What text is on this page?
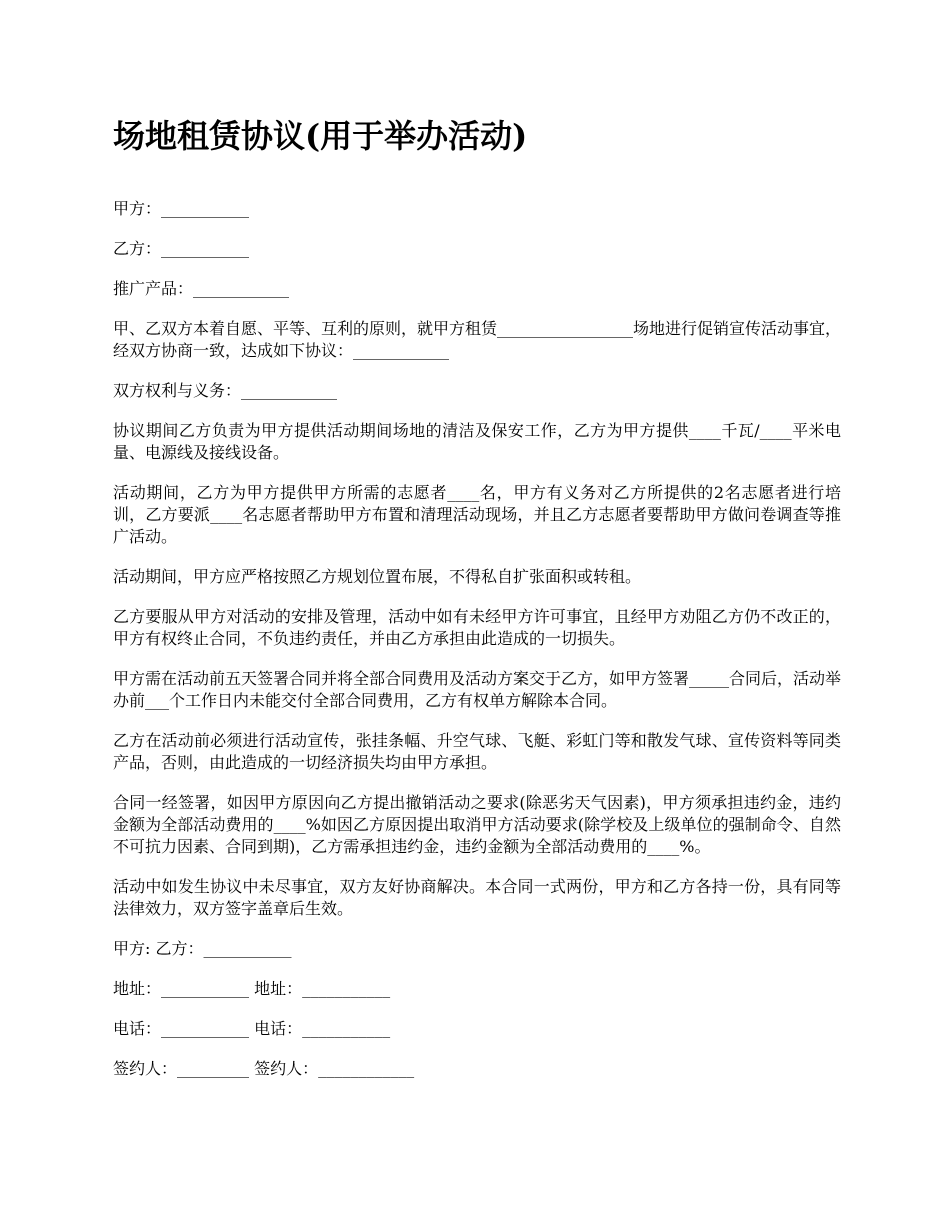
场地租赁协议(用于举办活动)

甲方：___________

乙方：___________

推广产品：____________

甲、乙双方本着自愿、平等、互利的原则，就甲方租赁_________________场地进行促销宣传活动事宜，经双方协商一致，达成如下协议：____________

双方权利与义务：____________

协议期间乙方负责为甲方提供活动期间场地的清洁及保安工作，乙方为甲方提供____千瓦/____平米电量、电源线及接线设备。

活动期间，乙方为甲方提供甲方所需的志愿者____名，甲方有义务对乙方所提供的2名志愿者进行培训，乙方要派____名志愿者帮助甲方布置和清理活动现场，并且乙方志愿者要帮助甲方做问卷调查等推广活动。

活动期间，甲方应严格按照乙方规划位置布展，不得私自扩张面积或转租。

乙方要服从甲方对活动的安排及管理，活动中如有未经甲方许可事宜，且经甲方劝阻乙方仍不改正的，甲方有权终止合同，不负违约责任，并由乙方承担由此造成的一切损失。

甲方需在活动前五天签署合同并将全部合同费用及活动方案交于乙方，如甲方签署_____合同后，活动举办前___个工作日内未能交付全部合同费用，乙方有权单方解除本合同。

乙方在活动前必须进行活动宣传，张挂条幅、升空气球、飞艇、彩虹门等和散发气球、宣传资料等同类产品，否则，由此造成的一切经济损失均由甲方承担。

合同一经签署，如因甲方原因向乙方提出撤销活动之要求(除恶劣天气因素)，甲方须承担违约金，违约金额为全部活动费用的____%如因乙方原因提出取消甲方活动要求(除学校及上级单位的强制命令、自然不可抗力因素、合同到期)，乙方需承担违约金，违约金额为全部活动费用的____%。

活动中如发生协议中未尽事宜，双方友好协商解决。本合同一式两份，甲方和乙方各持一份，具有同等法律效力，双方签字盖章后生效。

甲方: 乙方：___________

地址：___________ 地址：___________

电话：___________ 电话：___________

签约人：_________ 签约人：____________
